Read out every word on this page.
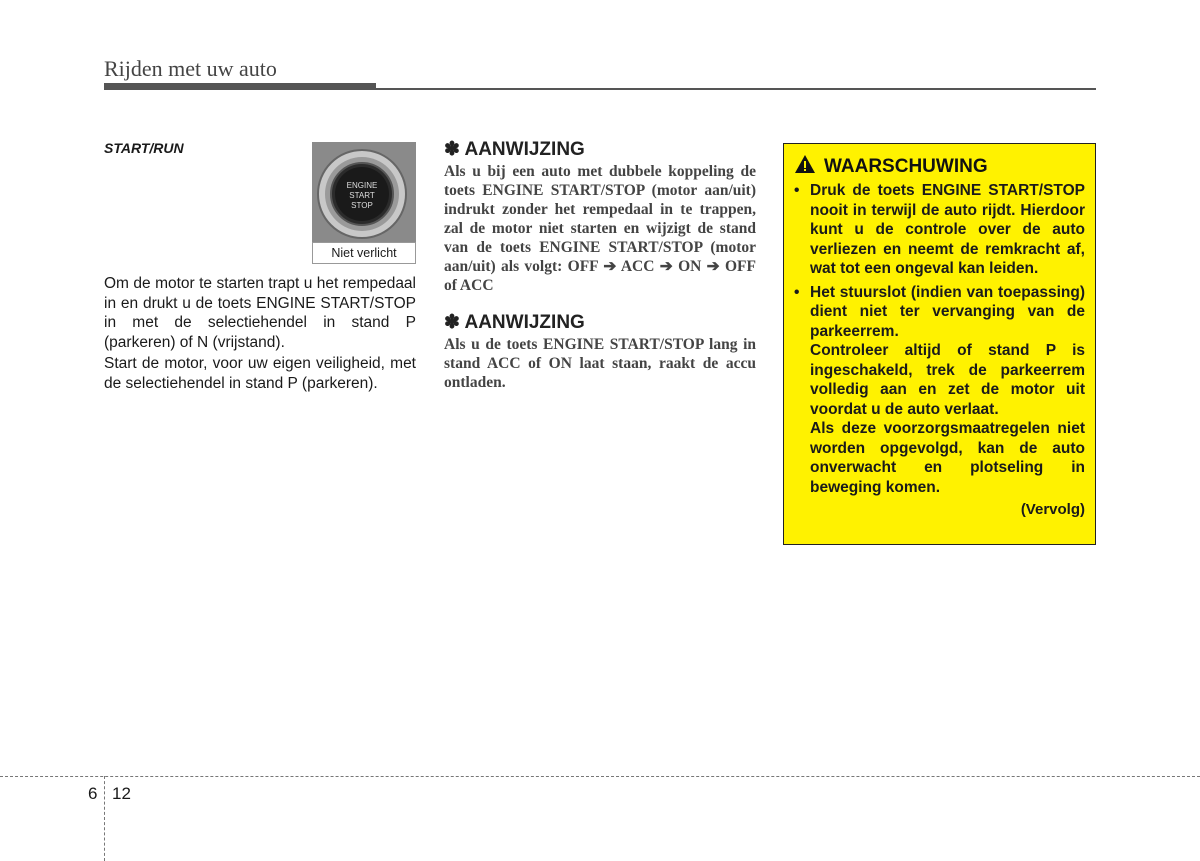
Rijden met uw auto

START/RUN

ENGINE
START
STOP
Niet verlicht

Om de motor te starten trapt u het rempedaal in en drukt u de toets ENGINE START/STOP in met de selectiehendel in stand P (parkeren) of N (vrijstand).

Start de motor, voor uw eigen veiligheid, met de selectiehendel in stand P (parkeren).

✽ AANWIJZING

Als u bij een auto met dubbele koppeling de toets ENGINE START/STOP (motor aan/uit) indrukt zonder het rempedaal in te trappen, zal de motor niet starten en wijzigt de stand van de toets ENGINE START/STOP (motor aan/uit) als volgt: OFF ➔ ACC ➔ ON ➔ OFF of ACC

✽ AANWIJZING

Als u de toets ENGINE START/STOP lang in stand ACC of ON laat staan, raakt de accu ontladen.

WAARSCHUWING
• Druk de toets ENGINE START/STOP nooit in terwijl de auto rijdt. Hierdoor kunt u de controle over de auto verliezen en neemt de remkracht af, wat tot een ongeval kan leiden.

• Het stuurslot (indien van toepassing) dient niet ter vervanging van de parkeerrem.

Controleer altijd of stand P is ingeschakeld, trek de parkeerrem volledig aan en zet de motor uit voordat u de auto verlaat.

Als deze voorzorgsmaatregelen niet worden opgevolgd, kan de auto onverwacht en plotseling in beweging komen.

(Vervolg)
6 12
